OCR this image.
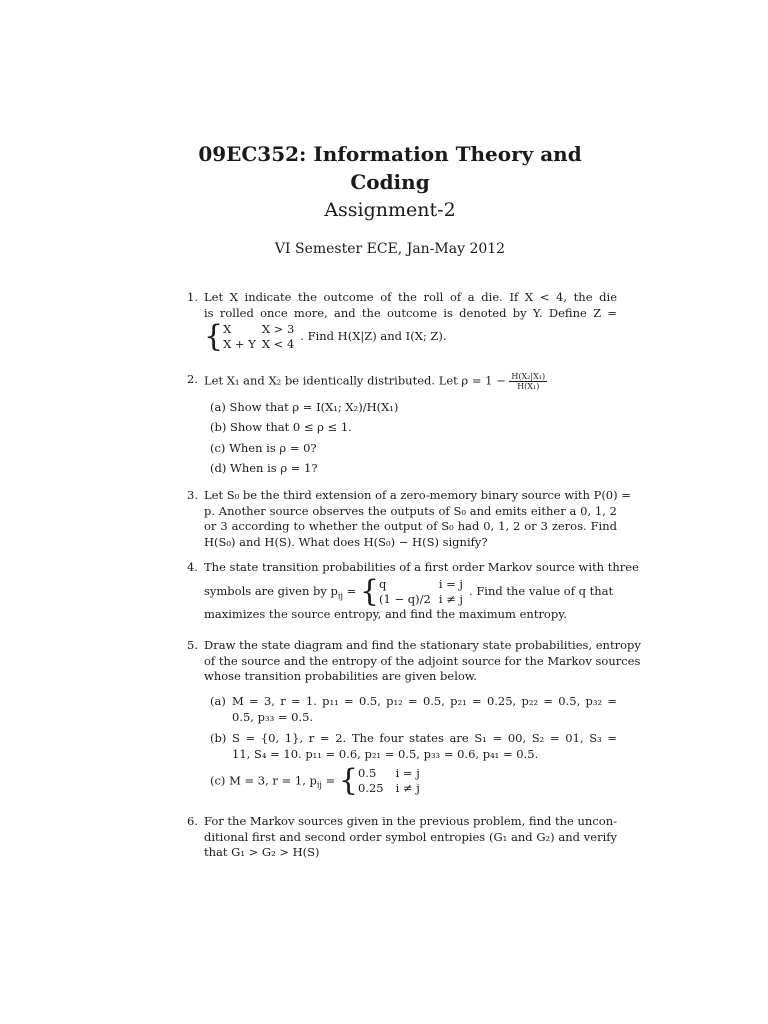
09EC352: Information Theory and
Coding
Assignment-2
VI Semester ECE, Jan-May 2012
1. Let X indicate the outcome of the roll of a die. If X < 4, the die
is rolled once more, and the outcome is denoted by Y. Define Z =
{ X	X > 3
X + Y	X < 4
. Find H(X|Z) and I(X; Z).
2. Let X₁ and X₂ be identically distributed. Let $\rho = 1 - \frac{\text{H(X₂|X₁)}}{\text{H(X₁)}}$
(a) Show that ρ = I(X₁; X₂)/H(X₁)
(b) Show that 0 ≤ ρ ≤ 1.
(c) When is ρ = 0?
(d) When is ρ = 1?
3. Let S₀ be the third extension of a zero-memory binary source with P(0) =
p. Another source observes the outputs of S₀ and emits either a 0, 1, 2
or 3 according to whether the output of S₀ had 0, 1, 2 or 3 zeros. Find
H(S₀) and H(S). What does H(S₀) − H(S) signify?
4. The state transition probabilities of a first order Markov source with three
symbols are given by $p_{ij}$ = { q	i = j
(1 − q)/2	i ≠ j
. Find the value of q that
maximizes the source entropy, and find the maximum entropy.
5. Draw the state diagram and find the stationary state probabilities, entropy
of the source and the entropy of the adjoint source for the Markov sources
whose transition probabilities are given below.
(a) M = 3, r = 1. p₁₁ = 0.5, p₁₂ = 0.5, p₂₁ = 0.25, p₂₂ = 0.5, p₃₂ =
0.5, p₃₃ = 0.5.
(b) S = {0, 1}, r = 2. The four states are S₁ = 00, S₂ = 01, S₃ =
11, S₄ = 10. p₁₁ = 0.6, p₂₁ = 0.5, p₃₃ = 0.6, p₄₁ = 0.5.
(c) M = 3, r = 1, $p_{ij}$ = { 0.5	i = j
0.25	i ≠ j
6. For the Markov sources given in the previous problem, find the uncon-
ditional first and second order symbol entropies (G₁ and G₂) and verify
that G₁ > G₂ > H(S)
